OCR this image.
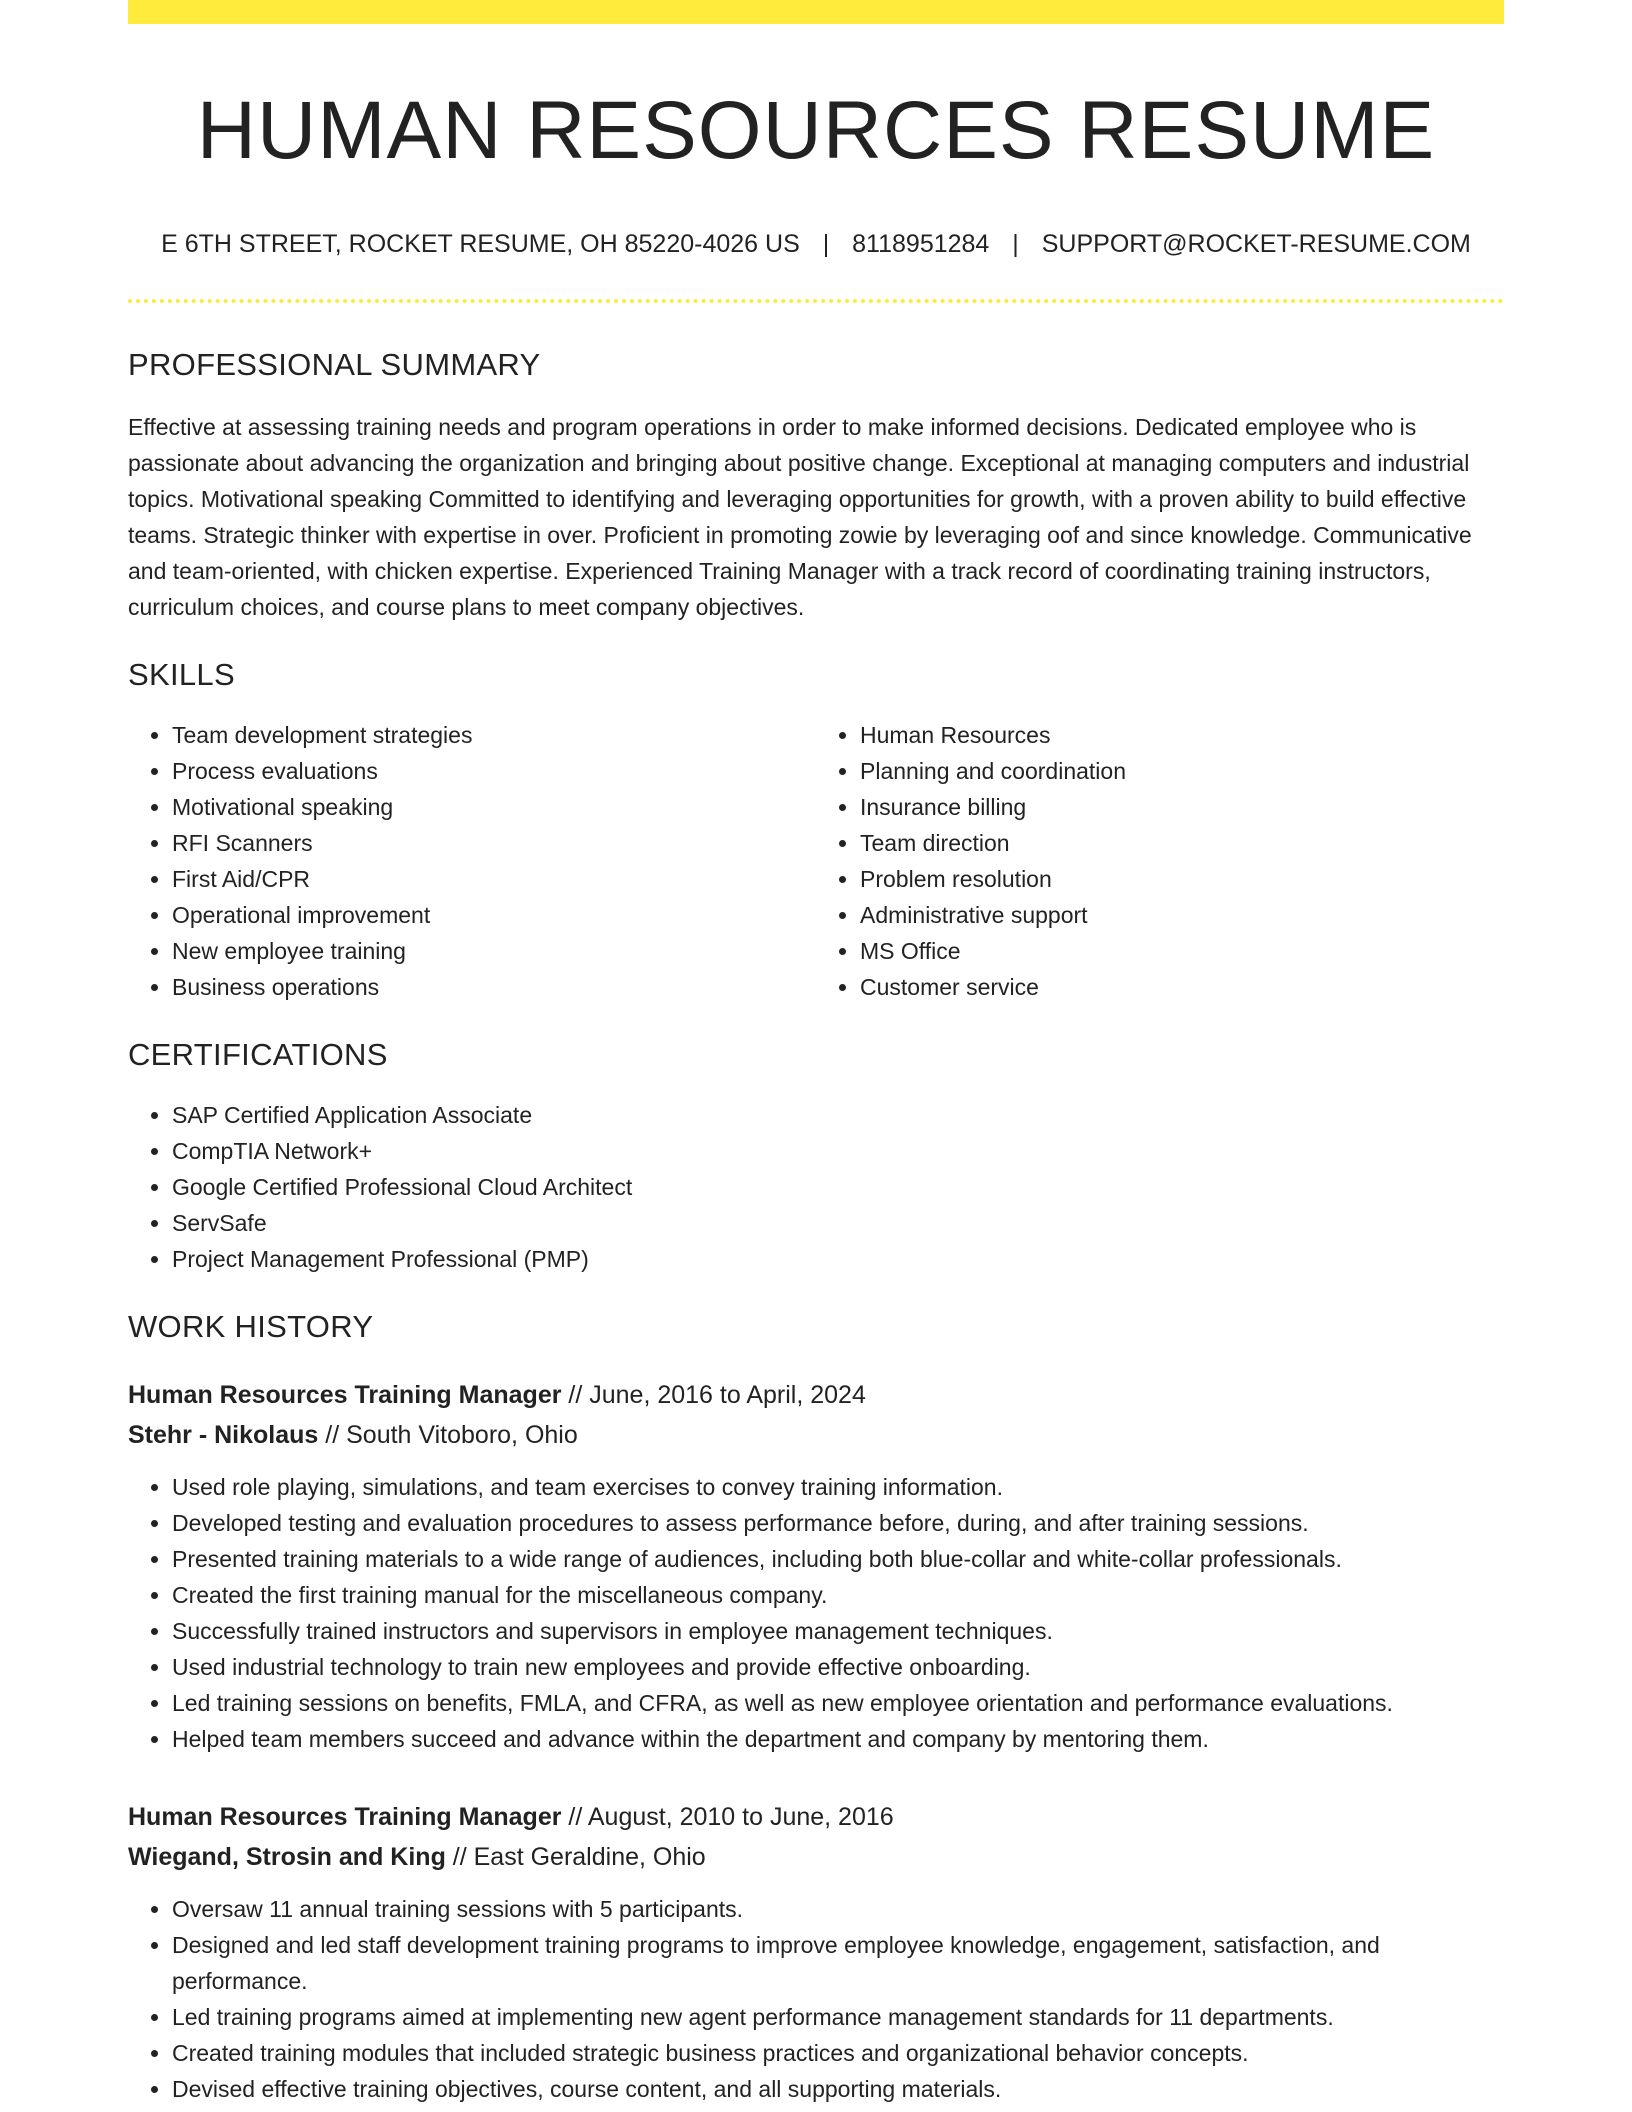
HUMAN RESOURCES RESUME
E 6TH STREET, ROCKET RESUME, OH 85220-4026 US | 8118951284 | SUPPORT@ROCKET-RESUME.COM
PROFESSIONAL SUMMARY

Effective at assessing training needs and program operations in order to make informed decisions. Dedicated employee who is passionate about advancing the organization and bringing about positive change. Exceptional at managing computers and industrial topics. Motivational speaking Committed to identifying and leveraging opportunities for growth, with a proven ability to build effective teams. Strategic thinker with expertise in over. Proficient in promoting zowie by leveraging oof and since knowledge. Communicative and team-oriented, with chicken expertise. Experienced Training Manager with a track record of coordinating training instructors, curriculum choices, and course plans to meet company objectives.

SKILLS
• Team development strategies
• Process evaluations
• Motivational speaking
• RFI Scanners
• First Aid/CPR
• Operational improvement
• New employee training
• Business operations
• Human Resources
• Planning and coordination
• Insurance billing
• Team direction
• Problem resolution
• Administrative support
• MS Office
• Customer service
CERTIFICATIONS
• SAP Certified Application Associate
• CompTIA Network+
• Google Certified Professional Cloud Architect
• ServSafe
• Project Management Professional (PMP)
WORK HISTORY
Human Resources Training Manager // June, 2016 to April, 2024
Stehr - Nikolaus // South Vitoboro, Ohio
• Used role playing, simulations, and team exercises to convey training information.
• Developed testing and evaluation procedures to assess performance before, during, and after training sessions.
• Presented training materials to a wide range of audiences, including both blue-collar and white-collar professionals.
• Created the first training manual for the miscellaneous company.
• Successfully trained instructors and supervisors in employee management techniques.
• Used industrial technology to train new employees and provide effective onboarding.
• Led training sessions on benefits, FMLA, and CFRA, as well as new employee orientation and performance evaluations.
• Helped team members succeed and advance within the department and company by mentoring them.
Human Resources Training Manager // August, 2010 to June, 2016
Wiegand, Strosin and King // East Geraldine, Ohio
• Oversaw 11 annual training sessions with 5 participants.
• Designed and led staff development training programs to improve employee knowledge, engagement, satisfaction, and performance.
• Led training programs aimed at implementing new agent performance management standards for 11 departments.
• Created training modules that included strategic business practices and organizational behavior concepts.
• Devised effective training objectives, course content, and all supporting materials.
